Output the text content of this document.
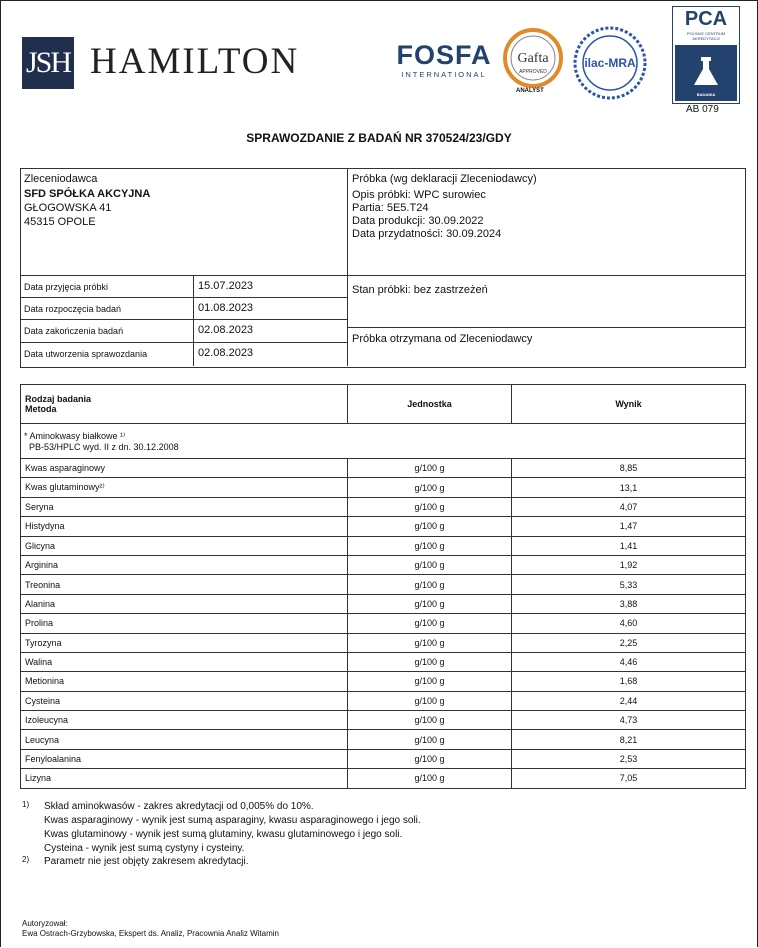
JSH HAMILTON	FOSFA
INTERNATIONAL
Gafta
APPROVED
ANALYST
ilac-MRA
PCA
POLSKIE CENTRUM AKREDYTACJI
BADANIA
AB 079
SPRAWOZDANIE Z BADAŃ NR 370524/23/GDY
Zleceniodawca
SFD SPÓŁKA AKCYJNA
GŁOGOWSKA 41
45315 OPOLE
Próbka (wg deklaracji Zleceniodawcy)
Opis próbki: WPC surowiec
Partia: 5E5.T24
Data produkcji: 30.09.2022
Data przydatności: 30.09.2024
Data przyjęcia próbki	15.07.2023
Data rozpoczęcia badań	01.08.2023
Data zakończenia badań	02.08.2023
Data utworzenia sprawozdania	02.08.2023
Stan próbki: bez zastrzeżeń
Próbka otrzymana od Zleceniodawcy
Rodzaj badania
Metoda	Jednostka	Wynik

* Aminokwasy białkowe ¹⁾
PB-53/HPLC wyd. II z dn. 30.12.2008		

Kwas asparaginowy	g/100 g	8,85
Kwas glutaminowy²⁾	g/100 g	13,1
Seryna	g/100 g	4,07
Histydyna	g/100 g	1,47
Glicyna	g/100 g	1,41
Arginina	g/100 g	1,92
Treonina	g/100 g	5,33
Alanina	g/100 g	3,88
Prolina	g/100 g	4,60
Tyrozyna	g/100 g	2,25
Walina	g/100 g	4,46
Metionina	g/100 g	1,68
Cysteina	g/100 g	2,44
Izoleucyna	g/100 g	4,73
Leucyna	g/100 g	8,21
Fenyloalanina	g/100 g	2,53
Lizyna	g/100 g	7,05
1) Skład aminokwasów - zakres akredytacji od 0,005% do 10%.
Kwas asparaginowy - wynik jest sumą asparaginy, kwasu asparaginowego i jego soli.
Kwas glutaminowy - wynik jest sumą glutaminy, kwasu glutaminowego i jego soli.
Cysteina - wynik jest sumą cystyny i cysteiny.
2) Parametr nie jest objęty zakresem akredytacji.
Autoryzował:
Ewa Ostrach-Grzybowska, Ekspert ds. Analiz, Pracownia Analiz Witamin
